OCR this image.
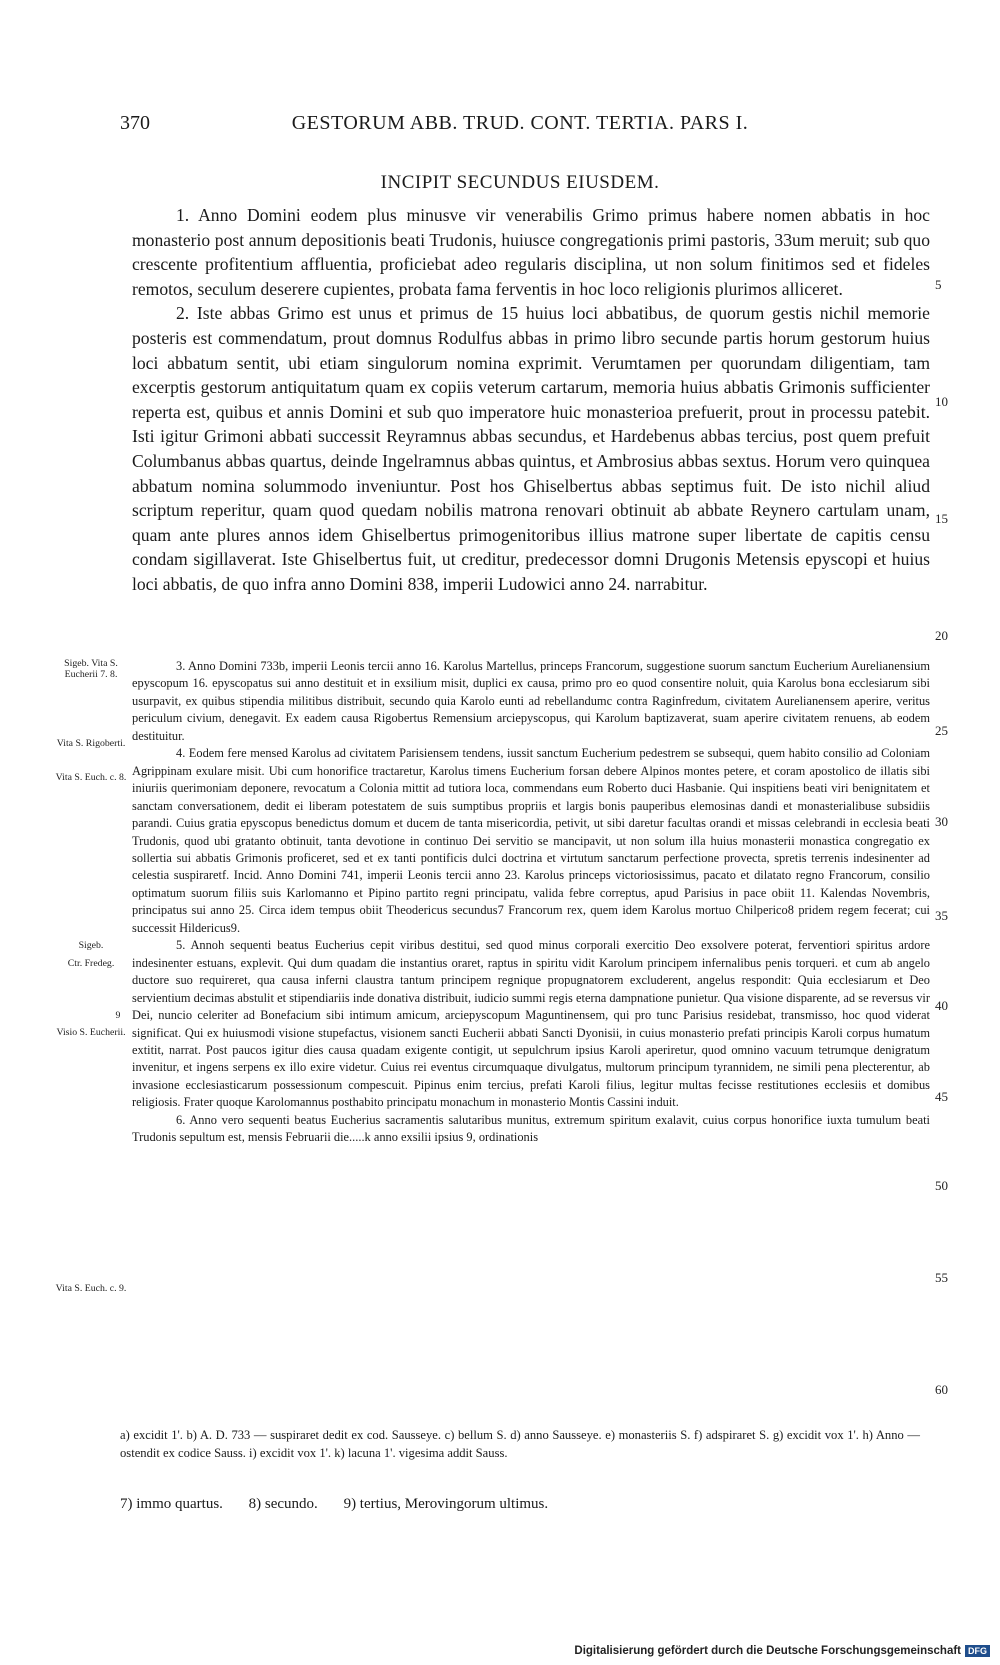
370	GESTORUM ABB. TRUD. CONT. TERTIA. PARS I.
INCIPIT SECUNDUS EIUSDEM.

1. Anno Domini eodem plus minusve vir venerabilis Grimo primus habere nomen abbatis in hoc monasterio post annum depositionis beati Trudonis, huiusce congregationis primi pastoris, 33um meruit; sub quo crescente profitentium affluentia, proficiebat adeo regularis disciplina, ut non solum finitimos sed et fideles remotos, seculum deserere cupientes, probata fama ferventis in hoc loco religionis plurimos alliceret.

2. Iste abbas Grimo est unus et primus de 15 huius loci abbatibus, de quorum gestis nichil memorie posteris est commendatum, prout domnus Rodulfus abbas in primo libro secunde partis horum gestorum huius loci abbatum sentit, ubi etiam singulorum nomina exprimit. Verumtamen per quorundam diligentiam, tam excerptis gestorum antiquitatum quam ex copiis veterum cartarum, memoria huius abbatis Grimonis sufficienter reperta est, quibus et annis Domini et sub quo imperatore huic monasterioa prefuerit, prout in processu patebit. Isti igitur Grimoni abbati successit Reyramnus abbas secundus, et Hardebenus abbas tercius, post quem prefuit Columbanus abbas quartus, deinde Ingelramnus abbas quintus, et Ambrosius abbas sextus. Horum vero quinquea abbatum nomina solummodo inveniuntur. Post hos Ghiselbertus abbas septimus fuit. De isto nichil aliud scriptum reperitur, quam quod quedam nobilis matrona renovari obtinuit ab abbate Reynero cartulam unam, quam ante plures annos idem Ghiselbertus primogenitoribus illius matrone super libertate de capitis censu condam sigillaverat. Iste Ghiselbertus fuit, ut creditur, predecessor domni Drugonis Metensis epyscopi et huius loci abbatis, de quo infra anno Domini 838, imperii Ludowici anno 24. narrabitur.

3. Anno Domini 733b, imperii Leonis tercii anno 16. Karolus Martellus, princeps Francorum, suggestione suorum sanctum Eucherium Aurelianensium epyscopum 16. epyscopatus sui anno destituit et in exsilium misit, duplici ex causa, primo pro eo quod consentire noluit, quia Karolus bona ecclesiarum sibi usurpavit, ex quibus stipendia militibus distribuit, secundo quia Karolo eunti ad rebellandumc contra Raginfredum, civitatem Aurelianensem aperire, veritus periculum civium, denegavit. Ex eadem causa Rigobertus Remensium arciepyscopus, qui Karolum baptizaverat, suam aperire civitatem renuens, ab eodem destituitur.

4. Eodem fere mensed Karolus ad civitatem Parisiensem tendens, iussit sanctum Eucherium pedestrem se subsequi, quem habito consilio ad Coloniam Agrippinam exulare misit. Ubi cum honorifice tractaretur, Karolus timens Eucherium forsan debere Alpinos montes petere, et coram apostolico de illatis sibi iniuriis querimoniam deponere, revocatum a Colonia mittit ad tutiora loca, commendans eum Roberto duci Hasbanie. Qui inspitiens beati viri benignitatem et sanctam conversationem, dedit ei liberam potestatem de suis sumptibus propriis et largis bonis pauperibus elemosinas dandi et monasterialibuse subsidiis parandi. Cuius gratia epyscopus benedictus domum et ducem de tanta misericordia, petivit, ut sibi daretur facultas orandi et missas celebrandi in ecclesia beati Trudonis, quod ubi gratanto obtinuit, tanta devotione in continuo Dei servitio se mancipavit, ut non solum illa huius monasterii monastica congregatio ex sollertia sui abbatis Grimonis proficeret, sed et ex tanti pontificis dulci doctrina et virtutum sanctarum perfectione provecta, spretis terrenis indesinenter ad celestia suspiraretf. Incid. Anno Domini 741, imperii Leonis tercii anno 23. Karolus princeps victoriosissimus, pacato et dilatato regno Francorum, consilio optimatum suorum filiis suis Karlomanno et Pipino partito regni principatu, valida febre correptus, apud Parisius in pace obiit 11. Kalendas Novembris, principatus sui anno 25. Circa idem tempus obiit Theodericus secundus7 Francorum rex, quem idem Karolus mortuo Chilperico8 pridem regem fecerat; cui successit Hildericus9.

5. Annoh sequenti beatus Eucherius cepit viribus destitui, sed quod minus corporali exercitio Deo exsolvere poterat, ferventiori spiritus ardore indesinenter estuans, explevit. Qui dum quadam die instantius oraret, raptus in spiritu vidit Karolum principem infernalibus penis torqueri. et cum ab angelo ductore suo requireret, qua causa inferni claustra tantum principem regnique propugnatorem excluderent, angelus respondit: Quia ecclesiarum et Deo servientium decimas abstulit et stipendiariis inde donativa distribuit, iudicio summi regis eterna dampnatione punietur. Qua visione disparente, ad se reversus vir Dei, nuncio celeriter ad Bonefacium sibi intimum amicum, arciepyscopum Maguntinensem, qui pro tunc Parisius residebat, transmisso, hoc quod viderat significat. Qui ex huiusmodi visione stupefactus, visionem sancti Eucherii abbati Sancti Dyonisii, in cuius monasterio prefati principis Karoli corpus humatum extitit, narrat. Post paucos igitur dies causa quadam exigente contigit, ut sepulchrum ipsius Karoli aperiretur, quod omnino vacuum tetrumque denigratum invenitur, et ingens serpens ex illo exire videtur. Cuius rei eventus circumquaque divulgatus, multorum principum tyrannidem, ne simili pena plecterentur, ab invasione ecclesiasticarum possessionum compescuit. Pipinus enim tercius, prefati Karoli filius, legitur multas fecisse restitutiones ecclesiis et domibus religiosis. Frater quoque Karolomannus posthabito principatu monachum in monasterio Montis Cassini induit.

6. Anno vero sequenti beatus Eucherius sacramentis salutaribus munitus, extremum spiritum exalavit, cuius corpus honorifice iuxta tumulum beati Trudonis sepultum est, mensis Februarii die.....k anno exsilii ipsius 9, ordinationis

Sigeb. Vita S. Eucherii 7. 8.
Vita S. Rigoberti.
Vita S. Euch. c. 8.
Sigeb.
Ctr. Fredeg.
9
Visio S. Eucherii.
Vita S. Euch. c. 9.
5
10
15
20
25
30
35
40
45
50
55
60
a) excidit 1'. b) A. D. 733 — suspiraret dedit ex cod. Sausseye. c) bellum S. d) anno Sausseye. e) monasteriis S. f) adspiraret S. g) excidit vox 1'. h) Anno — ostendit ex codice Sauss. i) excidit vox 1'. k) lacuna 1'. vigesima addit Sauss.
7) immo quartus. 8) secundo. 9) tertius, Merovingorum ultimus.
Digitalisierung gefördert durch die Deutsche Forschungsgemeinschaft DFG
